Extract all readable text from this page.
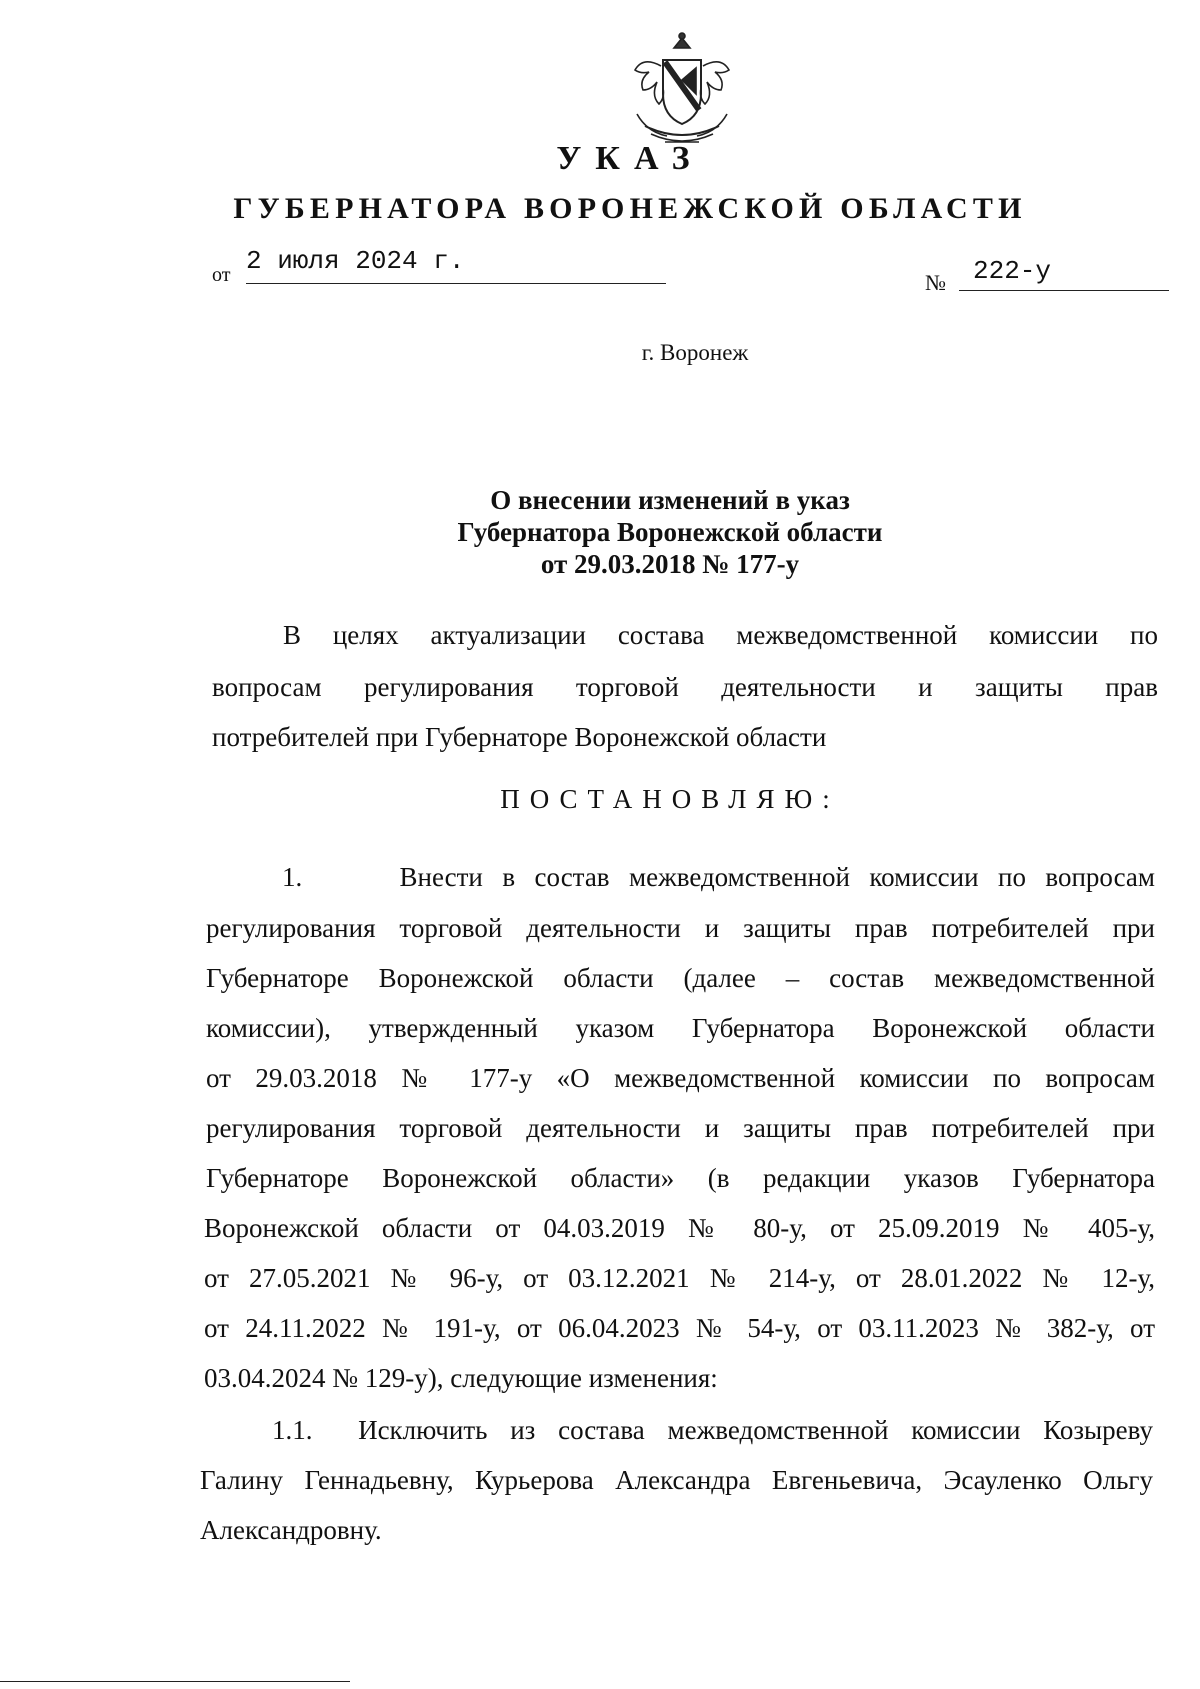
УКАЗ
ГУБЕРНАТОРА ВОРОНЕЖСКОЙ ОБЛАСТИ
от 2 июля 2024 г.
№ 222-у
г. Воронеж
О внесении изменений в указ
Губернатора Воронежской области
от 29.03.2018 № 177-у
В целях актуализации состава межведомственной комиссии по
вопросам регулирования торговой деятельности и защиты прав
потребителей при Губернаторе Воронежской области
ПОСТАНОВЛЯЮ:
1.     Внести в состав межведомственной комиссии по вопросам
регулирования торговой деятельности и защиты прав потребителей при
Губернаторе Воронежской области (далее – состав межведомственной
комиссии), утвержденный указом Губернатора Воронежской области
от 29.03.2018 № 177-у «О межведомственной комиссии по вопросам
регулирования торговой деятельности и защиты прав потребителей при
Губернаторе Воронежской области» (в редакции указов Губернатора
Воронежской области от 04.03.2019 № 80-у, от 25.09.2019 № 405-у,
от 27.05.2021 № 96-у, от 03.12.2021 № 214-у, от 28.01.2022 № 12-у,
от 24.11.2022 № 191-у, от 06.04.2023 № 54-у, от 03.11.2023 № 382-у, от
03.04.2024 № 129-у), следующие изменения:
1.1.  Исключить из состава межведомственной комиссии Козыреву
Галину Геннадьевну, Курьерова Александра Евгеньевича, Эсауленко Ольгу
Александровну.
